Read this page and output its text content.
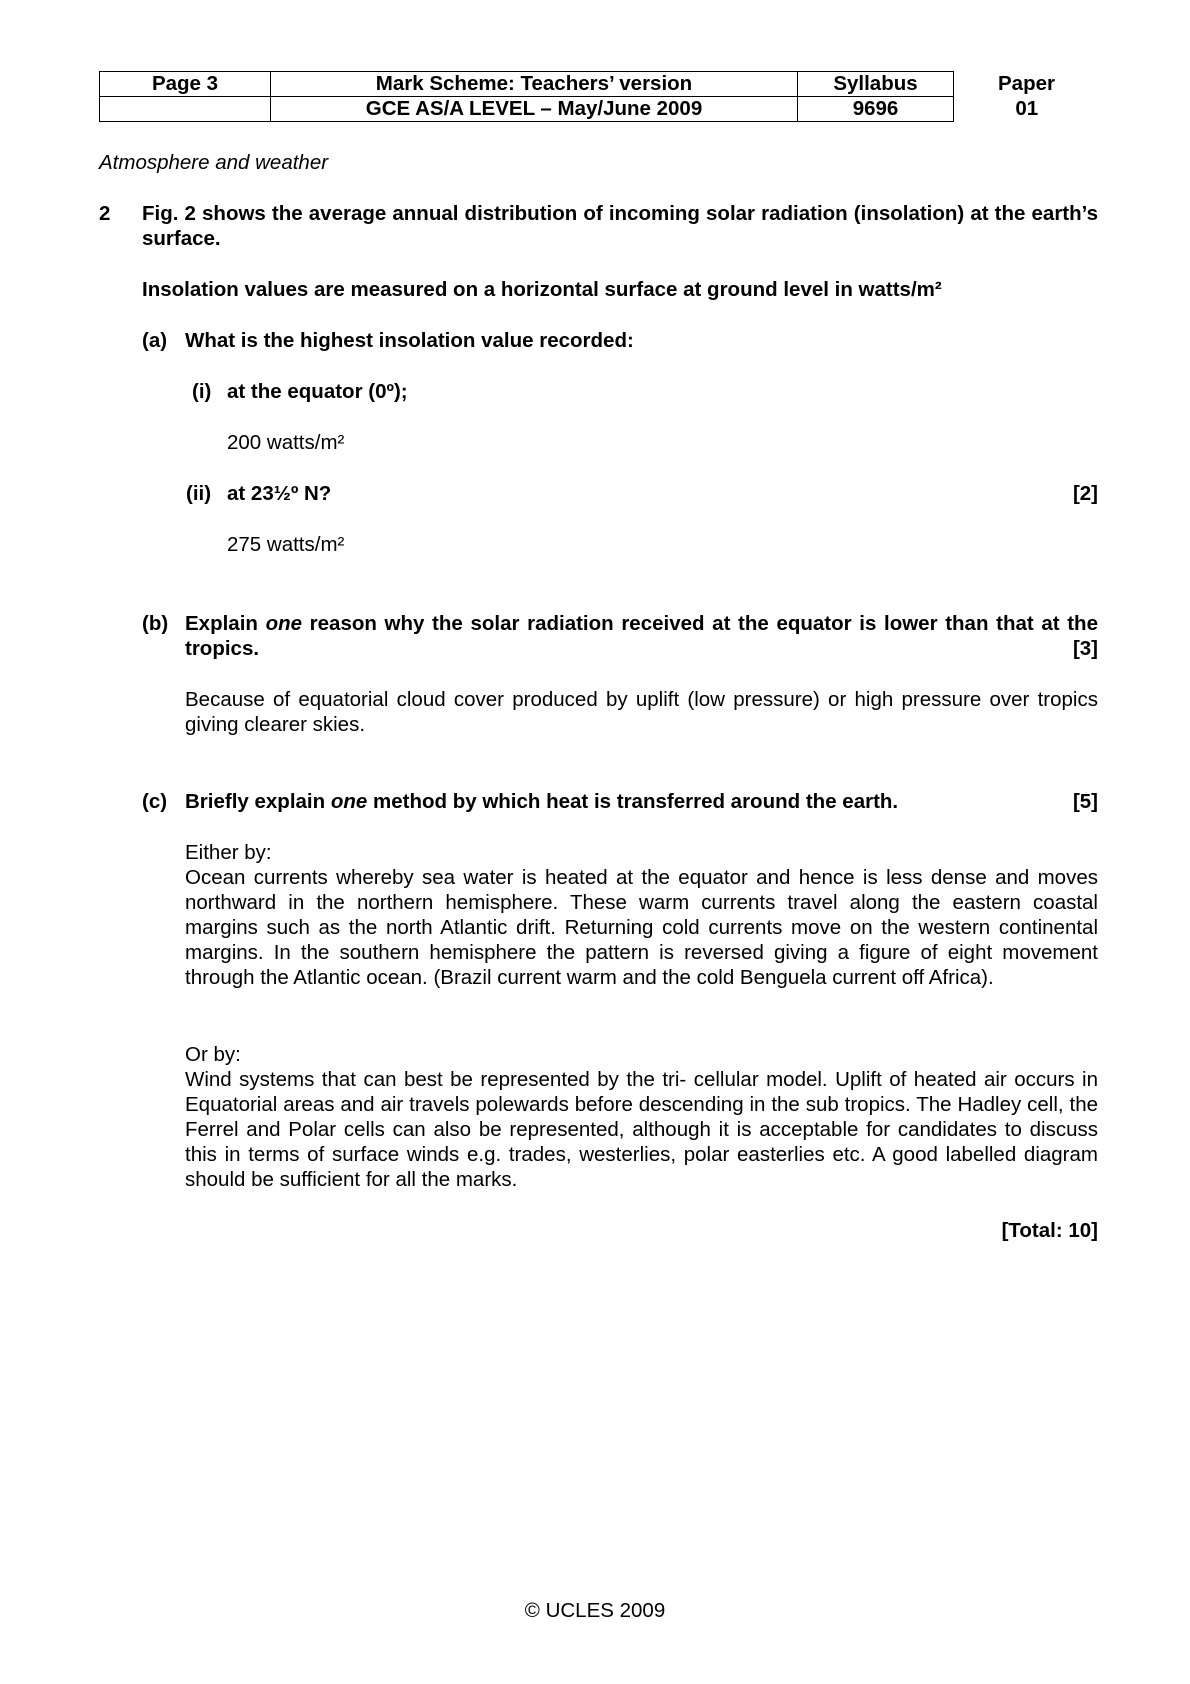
Page 3	Mark Scheme: Teachers’ version	Syllabus	Paper
	GCE AS/A LEVEL – May/June 2009	9696	01
Atmosphere and weather
2 Fig. 2 shows the average annual distribution of incoming solar radiation (insolation) at the earth’s surface.
Insolation values are measured on a horizontal surface at ground level in watts/m²
(a) What is the highest insolation value recorded:
(i) at the equator (0º);
200 watts/m²
(ii) at 23½º N?	[2]
275 watts/m²
(b) Explain one reason why the solar radiation received at the equator is lower than that at the tropics.	[3]
Because of equatorial cloud cover produced by uplift (low pressure) or high pressure over tropics giving clearer skies.
(c) Briefly explain one method by which heat is transferred around the earth.	[5]
Either by:
Ocean currents whereby sea water is heated at the equator and hence is less dense and moves northward in the northern hemisphere. These warm currents travel along the eastern coastal margins such as the north Atlantic drift. Returning cold currents move on the western continental margins. In the southern hemisphere the pattern is reversed giving a figure of eight movement through the Atlantic ocean. (Brazil current warm and the cold Benguela current off Africa).
Or by:
Wind systems that can best be represented by the tri- cellular model. Uplift of heated air occurs in Equatorial areas and air travels polewards before descending in the sub tropics. The Hadley cell, the Ferrel and Polar cells can also be represented, although it is acceptable for candidates to discuss this in terms of surface winds e.g. trades, westerlies, polar easterlies etc. A good labelled diagram should be sufficient for all the marks.
[Total: 10]
© UCLES 2009
